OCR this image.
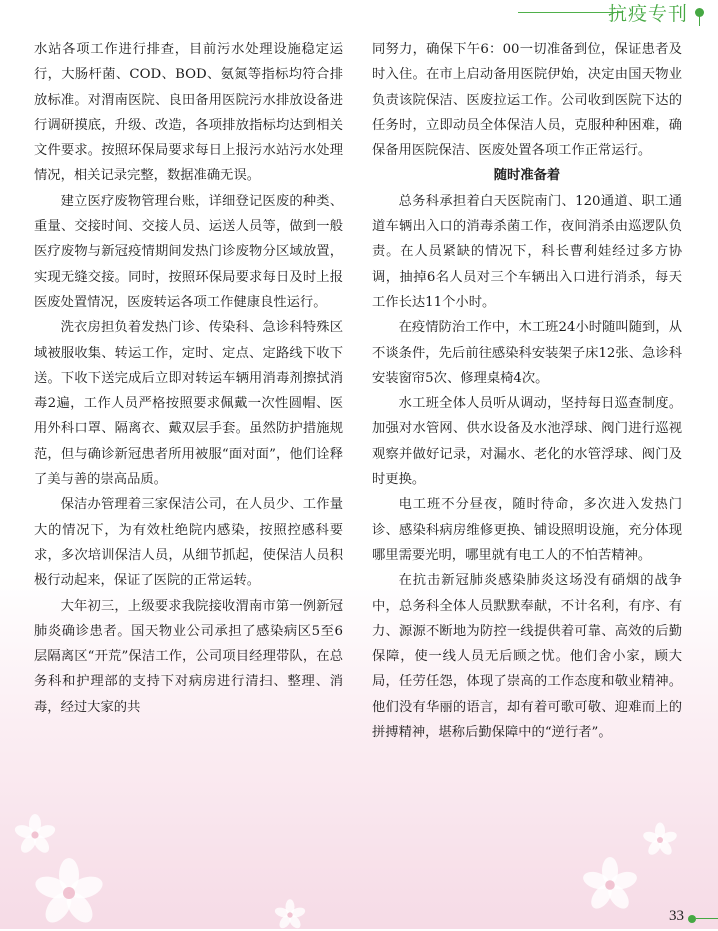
抗疫专刊

水站各项工作进行排查，目前污水处理设施稳定运行，大肠杆菌、COD、BOD、氨氮等指标均符合排放标准。对渭南医院、良田备用医院污水排放设备进行调研摸底，升级、改造，各项排放指标均达到相关文件要求。按照环保局要求每日上报污水站污水处理情况，相关记录完整，数据准确无误。

建立医疗废物管理台账，详细登记医废的种类、重量、交接时间、交接人员、运送人员等，做到一般医疗废物与新冠疫情期间发热门诊废物分区域放置，实现无缝交接。同时，按照环保局要求每日及时上报医废处置情况，医废转运各项工作健康良性运行。

洗衣房担负着发热门诊、传染科、急诊科特殊区域被服收集、转运工作，定时、定点、定路线下收下送。下收下送完成后立即对转运车辆用消毒剂擦拭消毒2遍，工作人员严格按照要求佩戴一次性圆帽、医用外科口罩、隔离衣、戴双层手套。虽然防护措施规范，但与确诊新冠患者所用被服“面对面”，他们诠释了美与善的崇高品质。

保洁办管理着三家保洁公司，在人员少、工作量大的情况下，为有效杜绝院内感染，按照控感科要求，多次培训保洁人员，从细节抓起，使保洁人员积极行动起来，保证了医院的正常运转。

大年初三，上级要求我院接收渭南市第一例新冠肺炎确诊患者。国天物业公司承担了感染病区5至6层隔离区“开荒”保洁工作，公司项目经理带队，在总务科和护理部的支持下对病房进行清扫、整理、消毒，经过大家的共

同努力，确保下午6：00一切准备到位，保证患者及时入住。在市上启动备用医院伊始，决定由国天物业负责该院保洁、医废拉运工作。公司收到医院下达的任务时，立即动员全体保洁人员，克服种种困难，确保备用医院保洁、医废处置各项工作正常运行。

随时准备着

总务科承担着白天医院南门、120通道、职工通道车辆出入口的消毒杀菌工作，夜间消杀由巡逻队负责。在人员紧缺的情况下，科长曹利娃经过多方协调，抽掉6名人员对三个车辆出入口进行消杀，每天工作长达11个小时。

在疫情防治工作中，木工班24小时随叫随到，从不谈条件，先后前往感染科安装架子床12张、急诊科安装窗帘5次、修理桌椅4次。

水工班全体人员听从调动，坚持每日巡查制度。加强对水管网、供水设备及水池浮球、阀门进行巡视观察并做好记录，对漏水、老化的水管浮球、阀门及时更换。

电工班不分昼夜，随时待命，多次进入发热门诊、感染科病房维修更换、铺设照明设施，充分体现哪里需要光明，哪里就有电工人的不怕苦精神。

在抗击新冠肺炎感染肺炎这场没有硝烟的战争中，总务科全体人员默默奉献，不计名利，有序、有力、源源不断地为防控一线提供着可靠、高效的后勤保障，使一线人员无后顾之忧。他们舍小家，顾大局，任劳任怨，体现了崇高的工作态度和敬业精神。他们没有华丽的语言，却有着可歌可敬、迎难而上的拼搏精神，堪称后勤保障中的“逆行者”。

33
